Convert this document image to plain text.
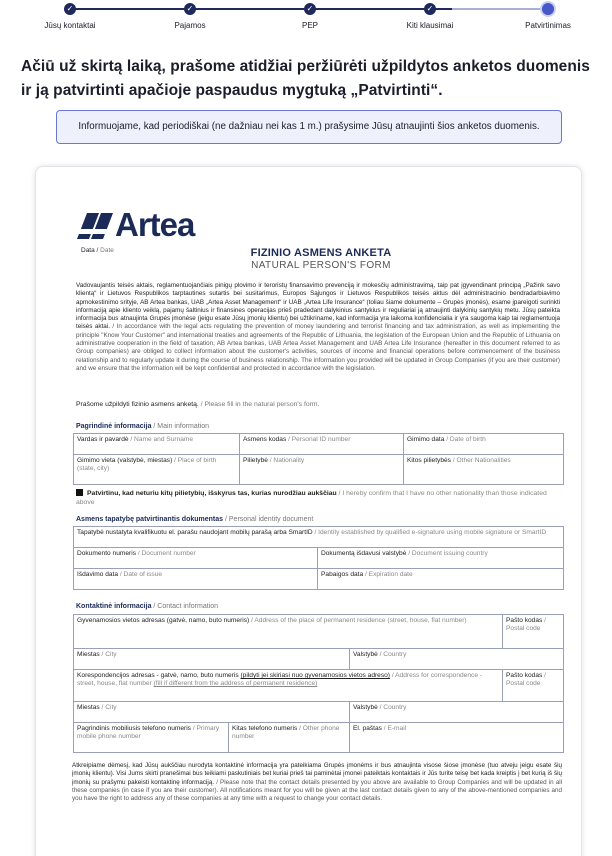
✓
Jūsų kontaktai
✓
Pajamos
✓
PEP
✓
Kiti klausimai	Patvirtinimas

Ačiū už skirtą laiką, prašome atidžiai peržiūrėti užpildytos anketos duomenis ir ją patvirtinti apačioje paspaudus mygtuką „Patvirtinti“.

Informuojame, kad periodiškai (ne dažniau nei kas 1 m.) prašysime Jūsų atnaujinti šios anketos duomenis.
Artea
Data / Date	FIZINIO ASMENS ANKETA
NATURAL PERSON'S FORM

Vadovaujantis teisės aktais, reglamentuojančiais pinigų plovimo ir teroristų finansavimo prevenciją ir mokesčių administravimą, taip pat įgyvendinant principą „Pažink savo klientą“ ir Lietuvos Respublikos tarptautines sutartis bei susitarimus, Europos Sąjungos ir Lietuvos Respublikos teisės aktus dėl administracinio bendradarbiavimo apmokestinimo srityje, AB Artea bankas, UAB „Artea Asset Management“ ir UAB „Artea Life Insurance“ (toliau šiame dokumente – Grupės įmonės), esame įpareigoti surinkti informaciją apie kliento veiklą, pajamų šaltinius ir finansines operacijas prieš pradedant dalykinius santykius ir reguliariai ją atnaujinti dalykinių santykių metu. Jūsų pateikta informacija bus atnaujinta Grupės įmonėse (jeigu esate Jūsų įmonių klientu) bei užtikriname, kad informacija yra laikoma konfidencialia ir yra saugoma kaip tai reglamentuoja teisės aktai. / In accordance with the legal acts regulating the prevention of money laundering and terrorist financing and tax administration, as well as implementing the principle "Know Your Customer" and international treaties and agreements of the Republic of Lithuania, the legislation of the European Union and the Republic of Lithuania on administrative cooperation in the field of taxation, AB Artea bankas, UAB Artea Asset Management and UAB Artea Life Insurance (hereafter in this document referred to as Group companies) are obliged to collect information about the customer's activities, sources of income and financial operations before commencement of the business relationship and to regularly update it during the course of business relationship. The information you provided will be updated in Group Companies (if you are their customer) and we ensure that the information will be kept confidential and protected in accordance with the legislation.

Prašome užpildyti fizinio asmens anketą. / Please fill in the natural person's form.
Pagrindinė informacija / Main information
Vardas ir pavardė / Name and Surname	Asmens kodas / Personal ID number	Gimimo data / Date of birth
Gimimo vieta (valstybė, miestas) / Place of birth (state, city)	Pilietybė / Nationality	Kitos pilietybės / Other Nationalities
Patvirtinu, kad neturiu kitų pilietybių, išskyrus tas, kurias nurodžiau aukščiau / I hereby confirm that I have no other nationality than those indicated above
Asmens tapatybę patvirtinantis dokumentas / Personal identity document
Tapatybė nustatyta kvalifikuotu el. parašu naudojant mobilų parašą arba SmartID / Identity established by qualified e-signature using mobile signature or SmartID	
Dokumento numeris / Document number	Dokumentą išdavusi valstybė / Document issuing country
Išdavimo data / Date of issue	Pabaigos data / Expiration date
Kontaktinė informacija / Contact information
Gyvenamosios vietos adresas (gatvė, namo, buto numeris) / Address of the place of permanent residence (street, house, flat number)			Pašto kodas / Postal code
Miestas / City		Valstybė / Country	
Korespondencijos adresas - gatvė, namo, buto numeris (pildyti jei skiriasi nuo gyvenamosios vietos adreso) / Address for correspondence - street, house, flat number (fill if different from the address of permanent residence)			Pašto kodas / Postal code
Miestas / City		Valstybė / Country	
Pagrindinis mobiliusis telefono numeris / Primary mobile phone number	Kitas telefono numeris / Other phone number	El. paštas / E-mail	

Atkreipiame dėmesį, kad Jūsų aukščiau nurodyta kontaktinė informacija yra pateikiama Grupės įmonėms ir bus atnaujinta visose šiose įmonėse (tuo atveju jeigu esate šių įmonių klientu). Visi Jums skirti pranešimai bus teikiami paskutiniais bet kuriai prieš tai paminėtai įmonei pateiktais kontaktais ir Jūs turite teisę bet kada kreiptis į bet kurią iš šių įmonių su prašymu pakeisti kontaktinę informaciją. / Please note that the contact details presented by you above are available to Group Companies and will be updated in all these companies (in case if you are their customer). All notifications meant for you will be given at the last contact details given to any of the above-mentioned companies and you have the right to address any of these companies at any time with a request to change your contact details.
